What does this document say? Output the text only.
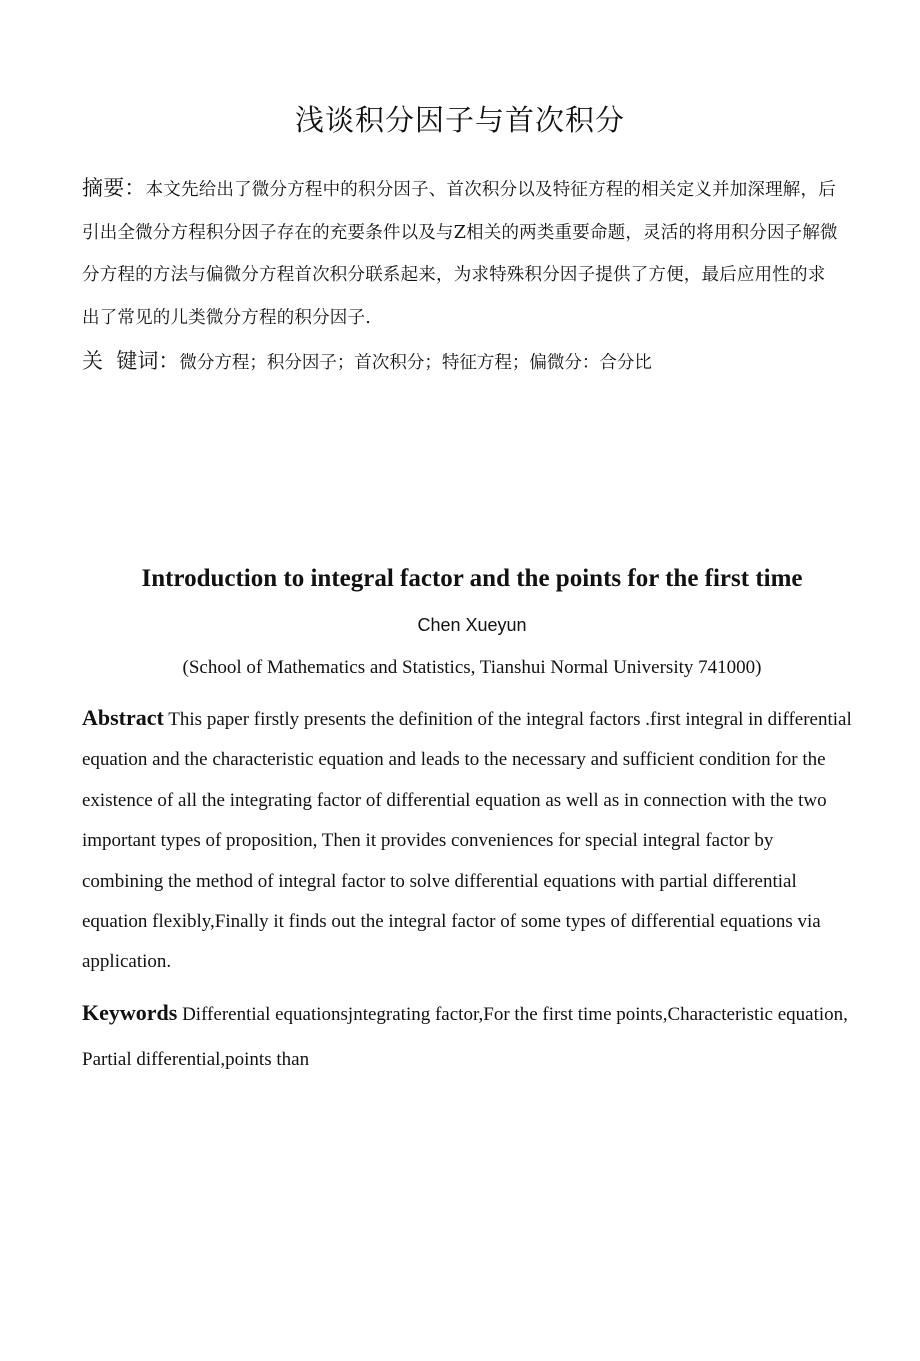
浅谈积分因子与首次积分
摘要：本文先给出了微分方程中的积分因子、首次积分以及特征方程的相关定义并加深理解，后引出全微分方程积分因子存在的充要条件以及与Z相关的两类重要命题，灵活的将用积分因子解微分方程的方法与偏微分方程首次积分联系起来，为求特殊积分因子提供了方便，最后应用性的求出了常见的儿类微分方程的积分因子.
关  键词：微分方程；积分因子；首次积分；特征方程；偏微分：合分比
Introduction to integral factor and the points for the first time
Chen Xueyun
(School of Mathematics and Statistics, Tianshui Normal University 741000)
Abstract This paper firstly presents the definition of the integral factors .first integral in differential equation and the characteristic equation and leads to the necessary and sufficient condition for the existence of all the integrating factor of differential equation as well as in connection with the two important types of proposition, Then it provides conveniences for special integral factor by combining the method of integral factor to solve differential equations with partial differential equation flexibly,Finally it finds out the integral factor of some types of differential equations via application.
Keywords Differential equationsjntegrating factor,For the first time points,Characteristic equation, Partial differential,points than
